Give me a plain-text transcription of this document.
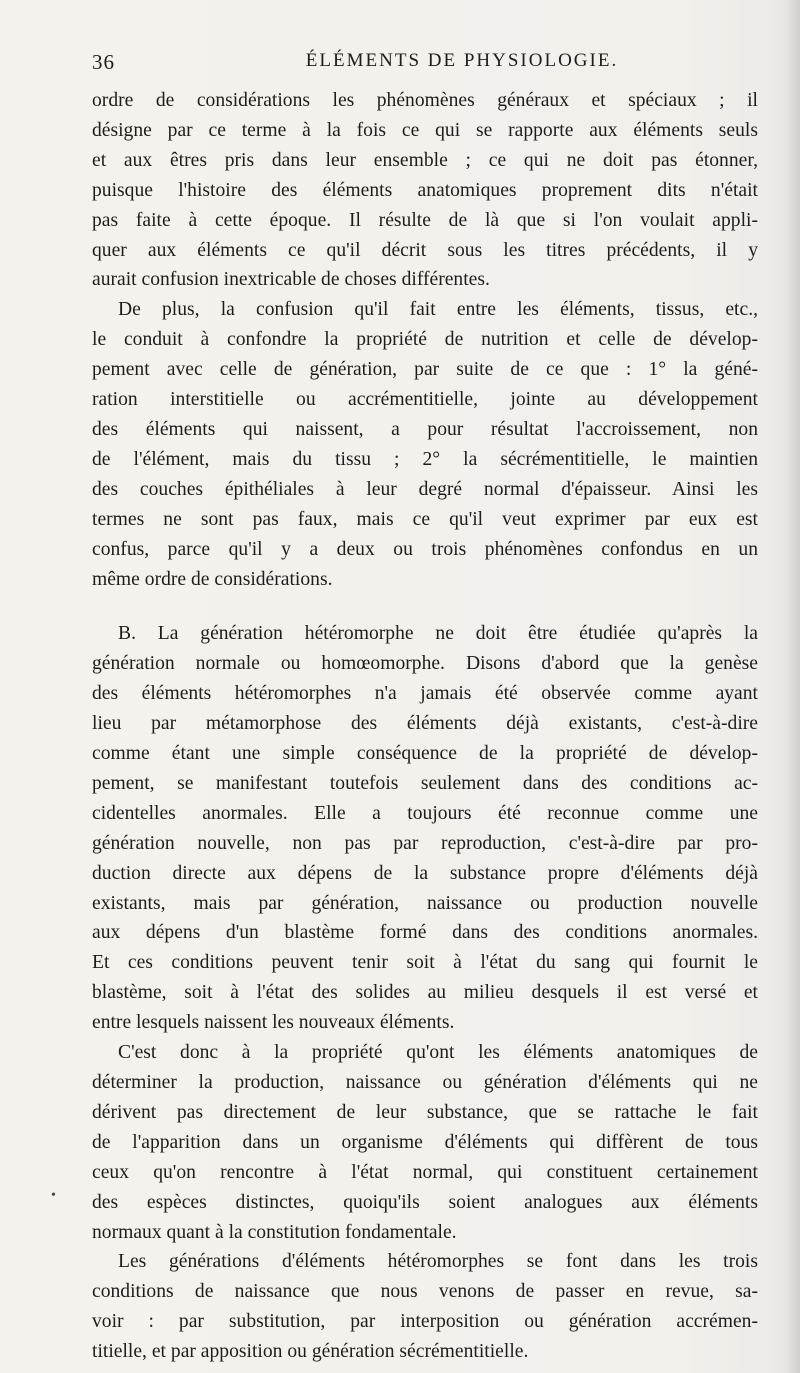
36	ÉLÉMENTS DE PHYSIOLOGIE.
ordre de considérations les phénomènes généraux et spéciaux ; il
désigne par ce terme à la fois ce qui se rapporte aux éléments seuls
et aux êtres pris dans leur ensemble ; ce qui ne doit pas étonner,
puisque l'histoire des éléments anatomiques proprement dits n'était
pas faite à cette époque. Il résulte de là que si l'on voulait appli-
quer aux éléments ce qu'il décrit sous les titres précédents, il y
aurait confusion inextricable de choses différentes.
De plus, la confusion qu'il fait entre les éléments, tissus, etc.,
le conduit à confondre la propriété de nutrition et celle de dévelop-
pement avec celle de génération, par suite de ce que : 1° la géné-
ration interstitielle ou accrémentitielle, jointe au développement
des éléments qui naissent, a pour résultat l'accroissement, non
de l'élément, mais du tissu ; 2° la sécrémentitielle, le maintien
des couches épithéliales à leur degré normal d'épaisseur. Ainsi les
termes ne sont pas faux, mais ce qu'il veut exprimer par eux est
confus, parce qu'il y a deux ou trois phénomènes confondus en un
même ordre de considérations.
B. La génération hétéromorphe ne doit être étudiée qu'après la
génération normale ou homœomorphe. Disons d'abord que la genèse
des éléments hétéromorphes n'a jamais été observée comme ayant
lieu par métamorphose des éléments déjà existants, c'est-à-dire
comme étant une simple conséquence de la propriété de dévelop-
pement, se manifestant toutefois seulement dans des conditions ac-
cidentelles anormales. Elle a toujours été reconnue comme une
génération nouvelle, non pas par reproduction, c'est-à-dire par pro-
duction directe aux dépens de la substance propre d'éléments déjà
existants, mais par génération, naissance ou production nouvelle
aux dépens d'un blastème formé dans des conditions anormales.
Et ces conditions peuvent tenir soit à l'état du sang qui fournit le
blastème, soit à l'état des solides au milieu desquels il est versé et
entre lesquels naissent les nouveaux éléments.
C'est donc à la propriété qu'ont les éléments anatomiques de
déterminer la production, naissance ou génération d'éléments qui ne
dérivent pas directement de leur substance, que se rattache le fait
de l'apparition dans un organisme d'éléments qui diffèrent de tous
ceux qu'on rencontre à l'état normal, qui constituent certainement
des espèces distinctes, quoiqu'ils soient analogues aux éléments
normaux quant à la constitution fondamentale.
Les générations d'éléments hétéromorphes se font dans les trois
conditions de naissance que nous venons de passer en revue, sa-
voir : par substitution, par interposition ou génération accrémen-
titielle, et par apposition ou génération sécrémentitielle.
•
